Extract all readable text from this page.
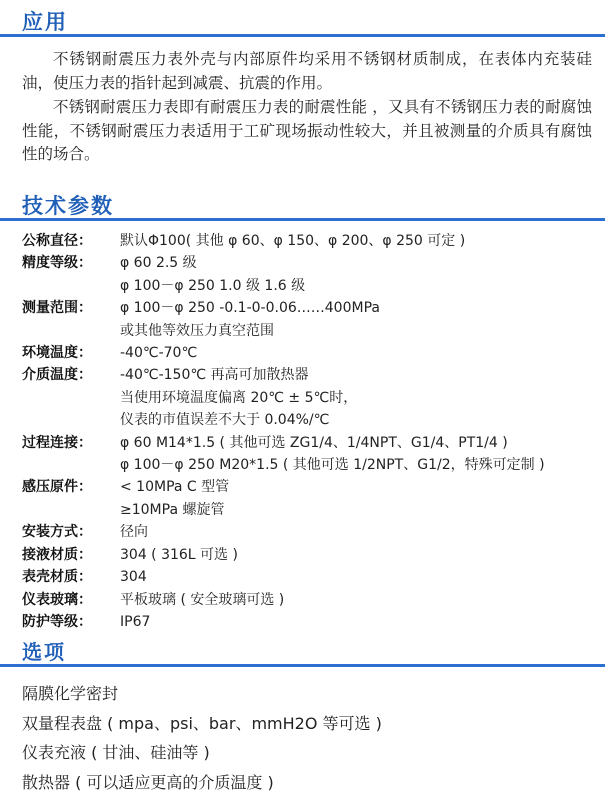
应用
不锈钢耐震压力表外壳与内部原件均采用不锈钢材质制成，在表体内充装硅油，使压力表的指针起到减震、抗震的作用。
不锈钢耐震压力表即有耐震压力表的耐震性能 ，又具有不锈钢压力表的耐腐蚀性能，不锈钢耐震压力表适用于工矿现场振动性较大，并且被测量的介质具有腐蚀性的场合。
技术参数
公称直径：	默认Φ100( 其他 φ 60、φ 150、φ 200、φ 250 可定 )
精度等级：	φ 60 2.5 级
φ 100－φ 250 1.0 级 1.6 级
测量范围：	φ 100－φ 250 -0.1-0-0.06……400MPa
或其他等效压力真空范围
环境温度：	-40℃-70℃
介质温度：	-40℃-150℃ 再高可加散热器
当使用环境温度偏离 20℃ ± 5℃时，
仪表的市值误差不大于 0.04%/℃
过程连接：	φ 60 M14*1.5 ( 其他可选 ZG1/4、1/4NPT、G1/4、PT1/4 )
φ 100－φ 250 M20*1.5 ( 其他可选 1/2NPT、G1/2，特殊可定制 )
感压原件：	< 10MPa C 型管
≥10MPa 螺旋管
安装方式：	径向
接液材质：	304 ( 316L 可选 )
表壳材质：	304
仪表玻璃：	平板玻璃 ( 安全玻璃可选 )
防护等级：	IP67
选项
隔膜化学密封
双量程表盘 ( mpa、psi、bar、mmH2O 等可选 )
仪表充液 ( 甘油、硅油等 )
散热器 ( 可以适应更高的介质温度 )
